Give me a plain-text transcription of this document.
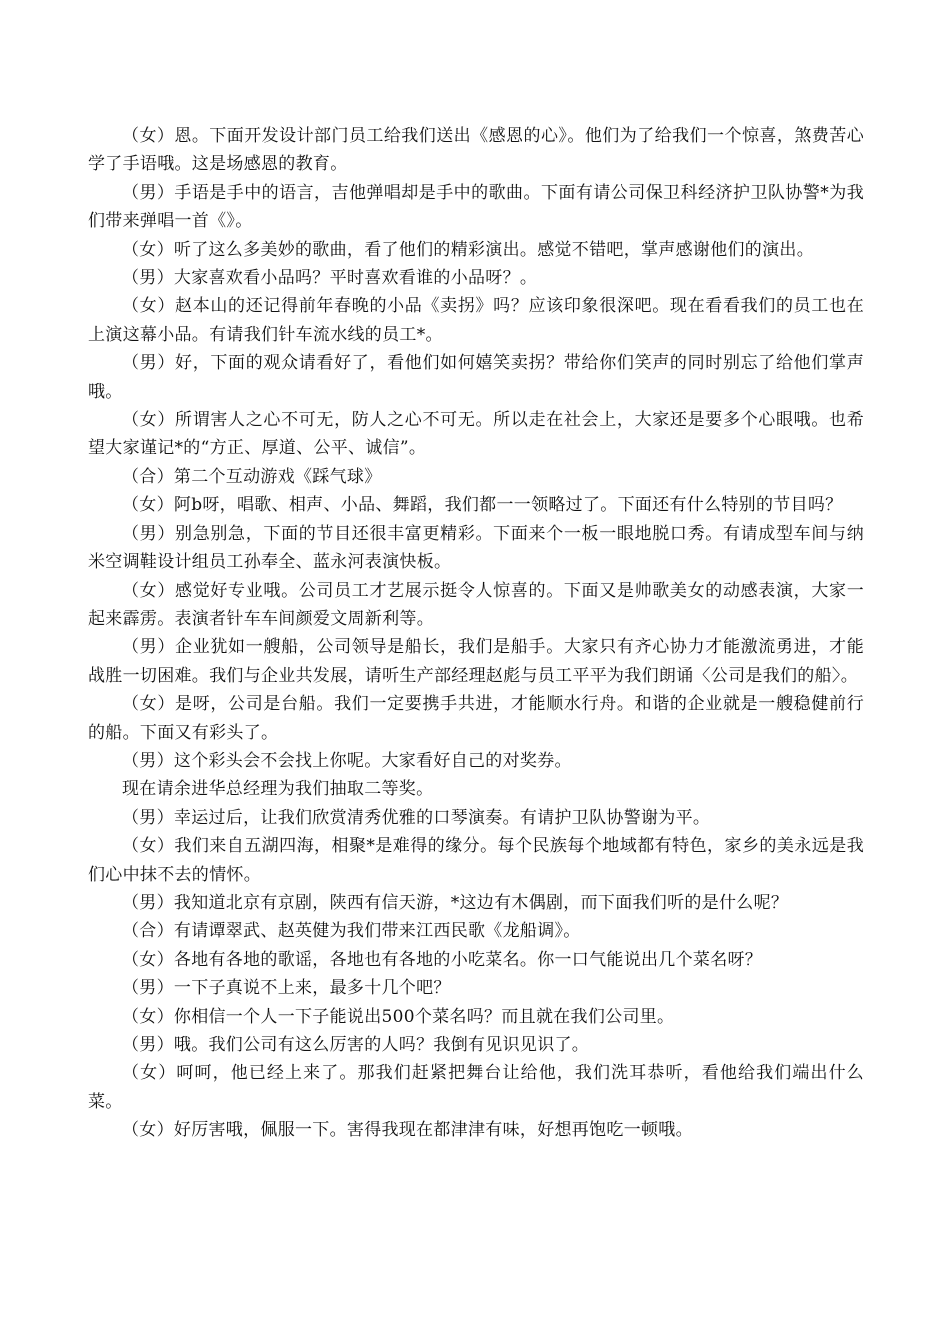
（女）恩。下面开发设计部门员工给我们送出《感恩的心》。他们为了给我们一个惊喜，煞费苦心学了手语哦。这是场感恩的教育。

（男）手语是手中的语言，吉他弹唱却是手中的歌曲。下面有请公司保卫科经济护卫队协警*为我们带来弹唱一首《》。

（女）听了这么多美妙的歌曲，看了他们的精彩演出。感觉不错吧，掌声感谢他们的演出。

（男）大家喜欢看小品吗？平时喜欢看谁的小品呀？。

（女）赵本山的还记得前年春晚的小品《卖拐》吗？应该印象很深吧。现在看看我们的员工也在上演这幕小品。有请我们针车流水线的员工*。

（男）好，下面的观众请看好了，看他们如何嬉笑卖拐？带给你们笑声的同时别忘了给他们掌声哦。

（女）所谓害人之心不可无，防人之心不可无。所以走在社会上，大家还是要多个心眼哦。也希望大家谨记*的“方正、厚道、公平、诚信”。

（合）第二个互动游戏《踩气球》

（女）阿b呀，唱歌、相声、小品、舞蹈，我们都一一领略过了。下面还有什么特别的节目吗？

（男）别急别急，下面的节目还很丰富更精彩。下面来个一板一眼地脱口秀。有请成型车间与纳米空调鞋设计组员工孙奉全、蓝永河表演快板。

（女）感觉好专业哦。公司员工才艺展示挺令人惊喜的。下面又是帅歌美女的动感表演，大家一起来霹雳。表演者针车车间颜爱文周新利等。

（男）企业犹如一艘船，公司领导是船长，我们是船手。大家只有齐心协力才能激流勇进，才能战胜一切困难。我们与企业共发展，请听生产部经理赵彪与员工平平为我们朗诵〈公司是我们的船〉。

（女）是呀，公司是台船。我们一定要携手共进，才能顺水行舟。和谐的企业就是一艘稳健前行的船。下面又有彩头了。

（男）这个彩头会不会找上你呢。大家看好自己的对奖券。

现在请余进华总经理为我们抽取二等奖。

（男）幸运过后，让我们欣赏清秀优雅的口琴演奏。有请护卫队协警谢为平。

（女）我们来自五湖四海，相聚*是难得的缘分。每个民族每个地域都有特色，家乡的美永远是我们心中抹不去的情怀。

（男）我知道北京有京剧，陕西有信天游，*这边有木偶剧，而下面我们听的是什么呢？

（合）有请谭翠武、赵英健为我们带来江西民歌《龙船调》。

（女）各地有各地的歌谣，各地也有各地的小吃菜名。你一口气能说出几个菜名呀？

（男）一下子真说不上来，最多十几个吧？

（女）你相信一个人一下子能说出500个菜名吗？而且就在我们公司里。

（男）哦。我们公司有这么厉害的人吗？我倒有见识见识了。

（女）呵呵，他已经上来了。那我们赶紧把舞台让给他，我们洗耳恭听，看他给我们端出什么菜。

（女）好厉害哦，佩服一下。害得我现在都津津有味，好想再饱吃一顿哦。
